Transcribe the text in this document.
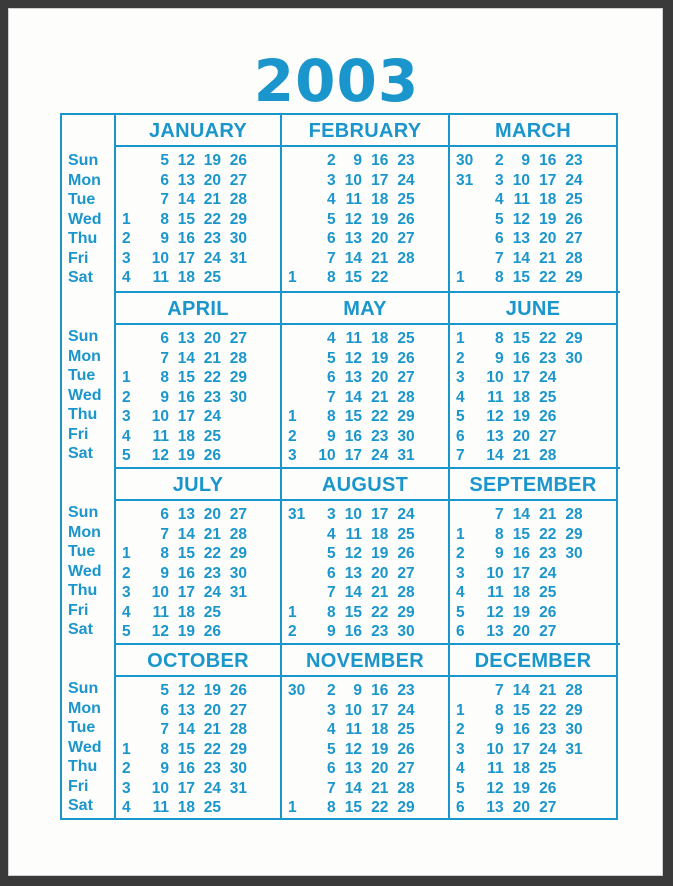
2003
Sun
Mon
Tue
Wed
Thu
Fri
Sat
Sun
Mon
Tue
Wed
Thu
Fri
Sat
Sun
Mon
Tue
Wed
Thu
Fri
Sat
Sun
Mon
Tue
Wed
Thu
Fri
Sat
JANUARY
1
2
3
4
5
6
7
8
9
10
11
12
13
14
15
16
17
18
19
20
21
22
23
24
25
26
27
28
29
30
31
FEBRUARY
1
2
3
4
5
6
7
8
9
10
11
12
13
14
15
16
17
18
19
20
21
22
23
24
25
26
27
28
MARCH
30
31
1
2
3
4
5
6
7
8
9
10
11
12
13
14
15
16
17
18
19
20
21
22
23
24
25
26
27
28
29
APRIL
1
2
3
4
5
6
7
8
9
10
11
12
13
14
15
16
17
18
19
20
21
22
23
24
25
26
27
28
29
30
MAY
1
2
3
4
5
6
7
8
9
10
11
12
13
14
15
16
17
18
19
20
21
22
23
24
25
26
27
28
29
30
31
JUNE
1
2
3
4
5
6
7
8
9
10
11
12
13
14
15
16
17
18
19
20
21
22
23
24
25
26
27
28
29
30
JULY
1
2
3
4
5
6
7
8
9
10
11
12
13
14
15
16
17
18
19
20
21
22
23
24
25
26
27
28
29
30
31
AUGUST
31
1
2
3
4
5
6
7
8
9
10
11
12
13
14
15
16
17
18
19
20
21
22
23
24
25
26
27
28
29
30
SEPTEMBER
1
2
3
4
5
6
7
8
9
10
11
12
13
14
15
16
17
18
19
20
21
22
23
24
25
26
27
28
29
30
OCTOBER
1
2
3
4
5
6
7
8
9
10
11
12
13
14
15
16
17
18
19
20
21
22
23
24
25
26
27
28
29
30
31
NOVEMBER
30
1
2
3
4
5
6
7
8
9
10
11
12
13
14
15
16
17
18
19
20
21
22
23
24
25
26
27
28
29
DECEMBER
1
2
3
4
5
6
7
8
9
10
11
12
13
14
15
16
17
18
19
20
21
22
23
24
25
26
27
28
29
30
31
